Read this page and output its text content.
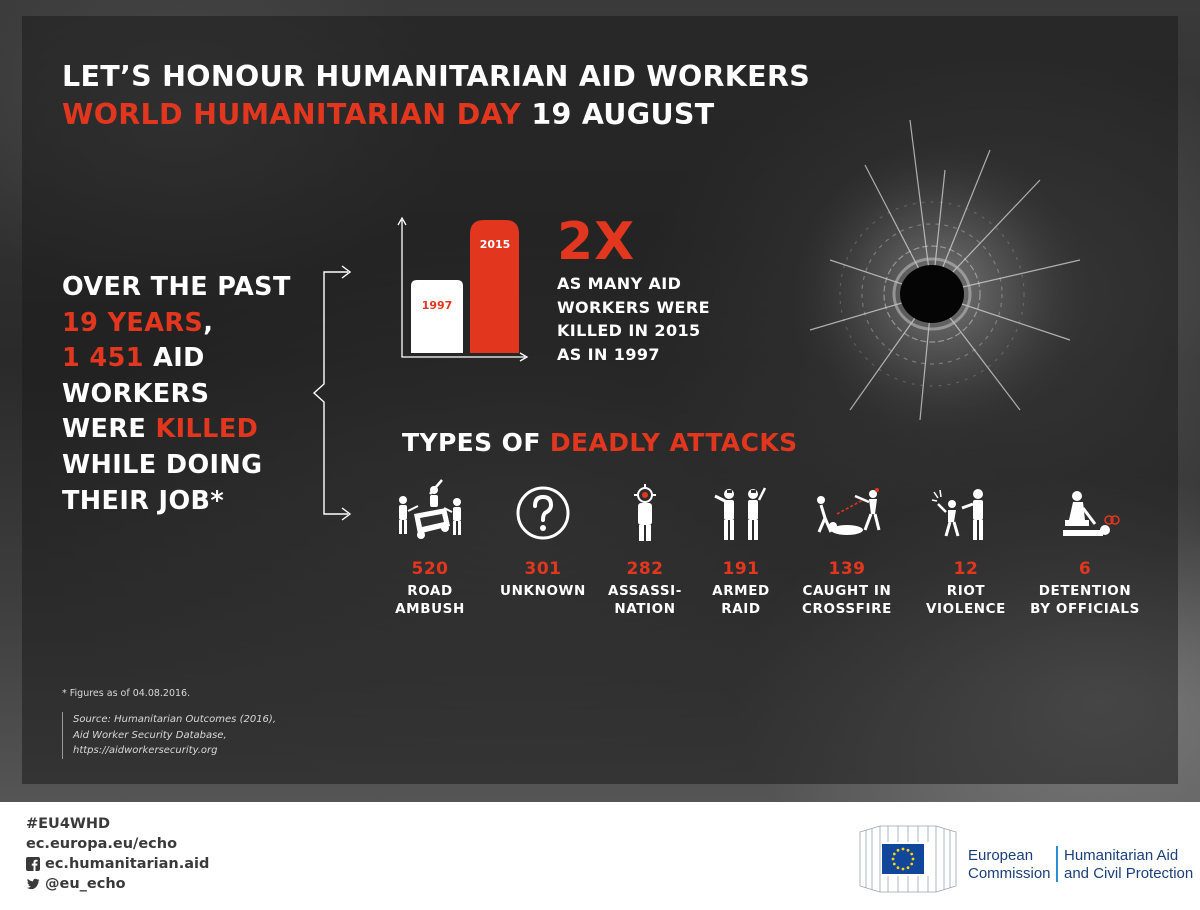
LET’S HONOUR HUMANITARIAN AID WORKERS
WORLD HUMANITARIAN DAY 19 AUGUST
OVER THE PAST
19 YEARS,
1 451 AID
WORKERS
WERE KILLED
WHILE DOING
THEIR JOB*
1997
2015 2X
AS MANY AID
WORKERS WERE
KILLED IN 2015
AS IN 1997
TYPES OF DEADLY ATTACKS
520
ROAD
AMBUSH
301
UNKNOWN
282
ASSASSI-
NATION
191
ARMED
RAID
139
CAUGHT IN
CROSSFIRE
12
RIOT
VIOLENCE
6
DETENTION
BY OFFICIALS
* Figures as of 04.08.2016.
Source: Humanitarian Outcomes (2016),
Aid Worker Security Database,
https://aidworkersecurity.org
#EU4WHD
ec.europa.eu/echo
ec.humanitarian.aid
@eu_echo
European
Commission
Humanitarian Aid
and Civil Protection
